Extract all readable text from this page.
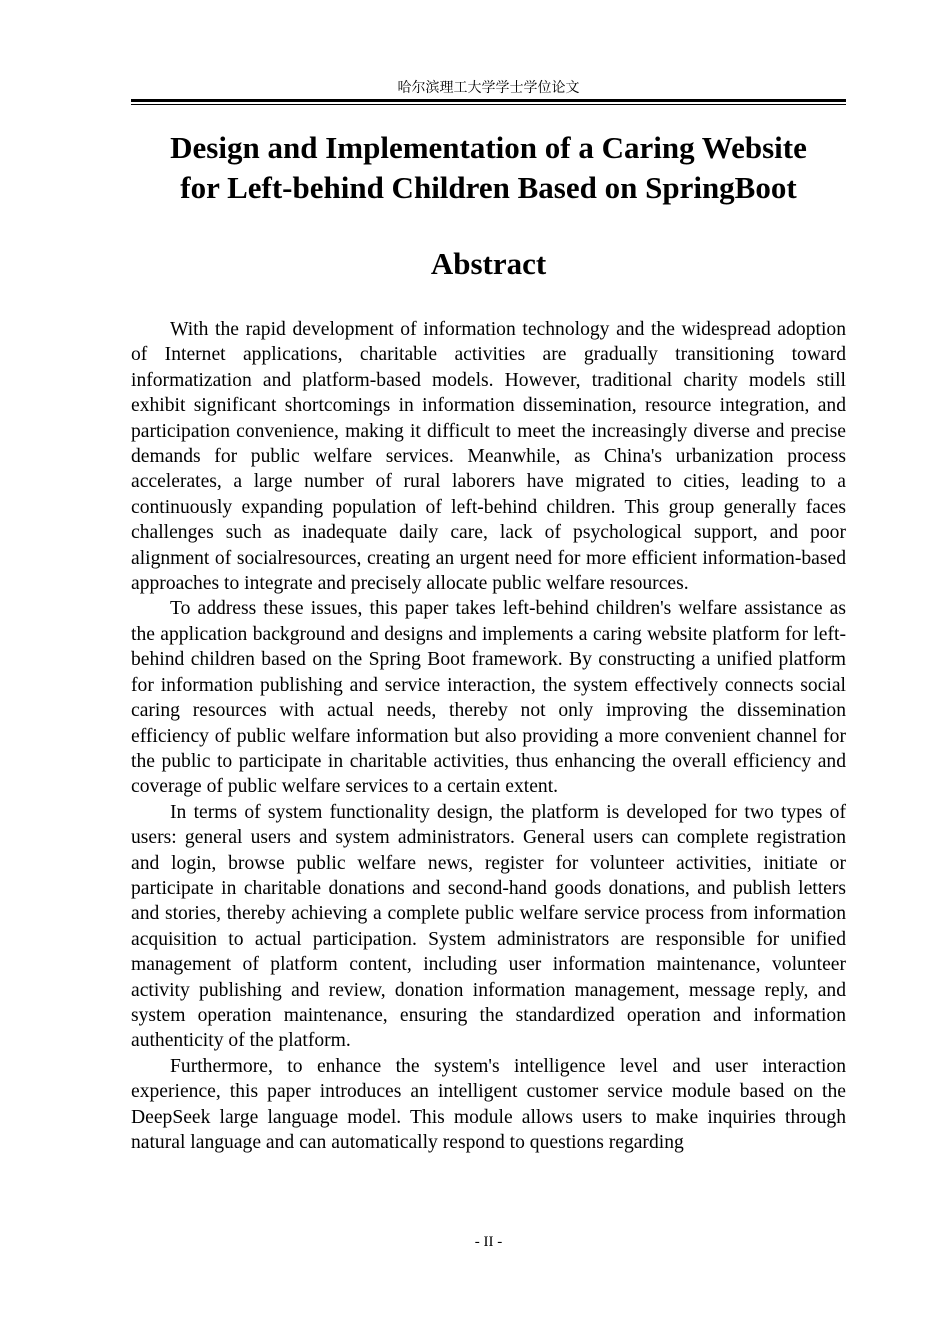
哈尔滨理工大学学士学位论文
Design and Implementation of a Caring Website
for Left-behind Children Based on SpringBoot
Abstract

With the rapid development of information technology and the widespread adoption of Internet applications, charitable activities are gradually transitioning toward informatization and platform-based models. However, traditional charity models still exhibit significant shortcomings in information dissemination, resource integration, and participation convenience, making it difficult to meet the increasingly diverse and precise demands for public welfare services. Meanwhile, as China's urbanization process accelerates, a large number of rural laborers have migrated to cities, leading to a continuously expanding population of left-behind children. This group generally faces challenges such as inadequate daily care, lack of psychological support, and poor alignment of socialresources, creating an urgent need for more efficient information-based approaches to integrate and precisely allocate public welfare resources.

To address these issues, this paper takes left-behind children's welfare assistance as the application background and designs and implements a caring website platform for left-behind children based on the Spring Boot framework. By constructing a unified platform for information publishing and service interaction, the system effectively connects social caring resources with actual needs, thereby not only improving the dissemination efficiency of public welfare information but also providing a more convenient channel for the public to participate in charitable activities, thus enhancing the overall efficiency and coverage of public welfare services to a certain extent.

In terms of system functionality design, the platform is developed for two types of users: general users and system administrators. General users can complete registration and login, browse public welfare news, register for volunteer activities, initiate or participate in charitable donations and second-hand goods donations, and publish letters and stories, thereby achieving a complete public welfare service process from information acquisition to actual participation. System administrators are responsible for unified management of platform content, including user information maintenance, volunteer activity publishing and review, donation information management, message reply, and system operation maintenance, ensuring the standardized operation and information authenticity of the platform.

Furthermore, to enhance the system's intelligence level and user interaction experience, this paper introduces an intelligent customer service module based on the DeepSeek large language model. This module allows users to make inquiries through natural language and can automatically respond to questions regarding

- II -
